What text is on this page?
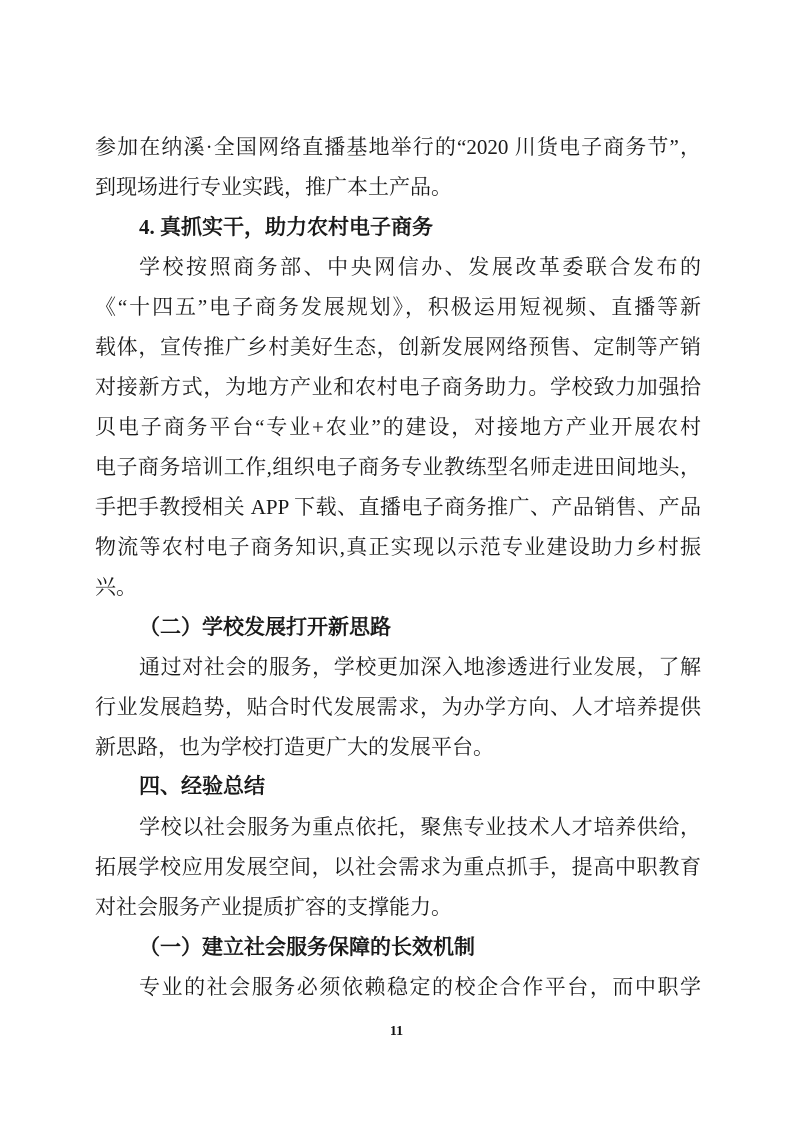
参加在纳溪·全国网络直播基地举行的“2020 川货电子商务节”，
到现场进行专业实践，推广本土产品。
4. 真抓实干，助力农村电子商务
学校按照商务部、中央网信办、发展改革委联合发布的
《“十四五”电子商务发展规划》，积极运用短视频、直播等新
载体，宣传推广乡村美好生态，创新发展网络预售、定制等产销
对接新方式，为地方产业和农村电子商务助力。学校致力加强拾
贝电子商务平台“专业+农业”的建设，对接地方产业开展农村
电子商务培训工作,组织电子商务专业教练型名师走进田间地头，
手把手教授相关 APP 下载、直播电子商务推广、产品销售、产品
物流等农村电子商务知识,真正实现以示范专业建设助力乡村振
兴。
（二）学校发展打开新思路
通过对社会的服务，学校更加深入地渗透进行业发展，了解
行业发展趋势，贴合时代发展需求，为办学方向、人才培养提供
新思路，也为学校打造更广大的发展平台。
四、经验总结
学校以社会服务为重点依托，聚焦专业技术人才培养供给，
拓展学校应用发展空间，以社会需求为重点抓手，提高中职教育
对社会服务产业提质扩容的支撑能力。
（一）建立社会服务保障的长效机制
专业的社会服务必须依赖稳定的校企合作平台，而中职学
11
